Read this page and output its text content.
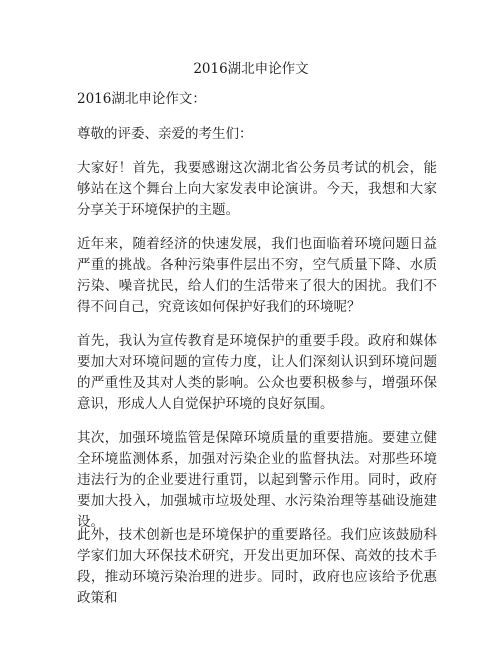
2016湖北申论作文

2016湖北申论作文：

尊敬的评委、亲爱的考生们：

大家好！首先，我要感谢这次湖北省公务员考试的机会，能够站在这个舞台上向大家发表申论演讲。今天，我想和大家分享关于环境保护的主题。

近年来，随着经济的快速发展，我们也面临着环境问题日益严重的挑战。各种污染事件层出不穷，空气质量下降、水质污染、噪音扰民，给人们的生活带来了很大的困扰。我们不得不问自己，究竟该如何保护好我们的环境呢？

首先，我认为宣传教育是环境保护的重要手段。政府和媒体要加大对环境问题的宣传力度，让人们深刻认识到环境问题的严重性及其对人类的影响。公众也要积极参与，增强环保意识，形成人人自觉保护环境的良好氛围。

其次，加强环境监管是保障环境质量的重要措施。要建立健全环境监测体系，加强对污染企业的监督执法。对那些环境违法行为的企业要进行重罚，以起到警示作用。同时，政府要加大投入，加强城市垃圾处理、水污染治理等基础设施建设。

此外，技术创新也是环境保护的重要路径。我们应该鼓励科学家们加大环保技术研究，开发出更加环保、高效的技术手段，推动环境污染治理的进步。同时，政府也应该给予优惠政策和
